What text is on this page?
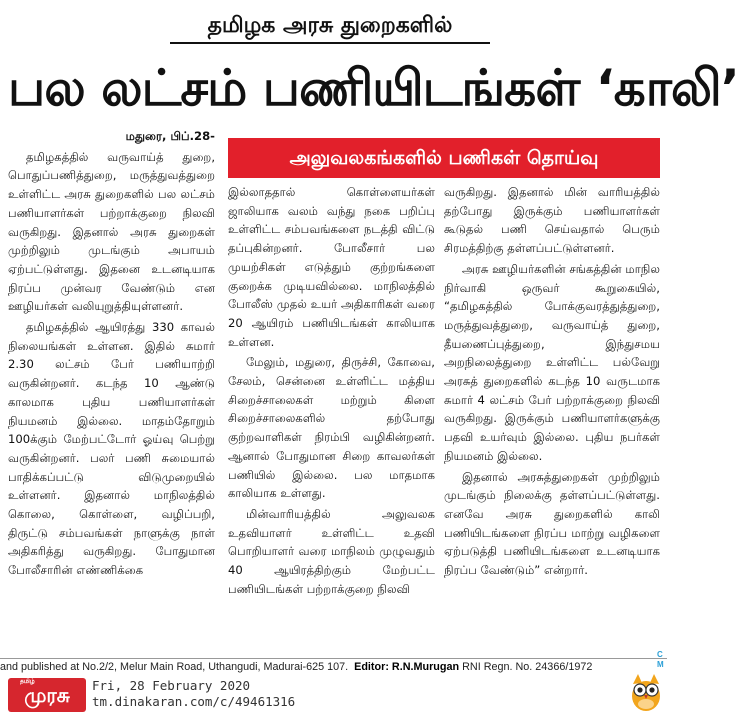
தமிழக அரசு துறைகளில்
பல லட்சம் பணியிடங்கள் ‘காலி’
அலுவலகங்களில் பணிகள் தொய்வு

மதுரை, பிப்.28-

தமிழகத்தில் வருவாய்த் துறை, பொதுப்பணித்துறை, மருத்துவத்துறை உள்ளிட்ட அரசு துறைகளில் பல லட்சம் பணியாளர்கள் பற்றாக்குறை நிலவி வருகிறது. இதனால் அரசு துறைகள் முற்றிலும் முடங்கும் அபாயம் ஏற்பட்டுள்ளது. இதனை உடனடியாக நிரப்ப முன்வர வேண்டும் என ஊழியர்கள் வலியுறுத்தியுள்ளனர்.

தமிழகத்தில் ஆயிரத்து 330 காவல் நிலையங்கள் உள்ளன. இதில் சுமார் 2.30 லட்சம் பேர் பணியாற்றி வருகின்றனர். கடந்த 10 ஆண்டு காலமாக புதிய பணியாளர்கள் நியமனம் இல்லை. மாதம்தோறும் 100க்கும் மேற்பட்டோர் ஓய்வு பெற்று வருகின்றனர். பலர் பணி சுமையால் பாதிக்கப்பட்டு விடுமுறையில் உள்ளனர். இதனால் மாநிலத்தில் கொலை, கொள்ளை, வழிப்பறி, திருட்டு சம்பவங்கள் நாளுக்கு நாள் அதிகரித்து வருகிறது. போதுமான போலீசாரின் எண்ணிக்கை

இல்லாததால் கொள்ளையர்கள் ஜாலியாக வலம் வந்து நகை பறிப்பு உள்ளிட்ட சம்பவங்களை நடத்தி விட்டு தப்புகின்றனர். போலீசார் பல முயற்சிகள் எடுத்தும் குற்றங்களை குறைக்க முடியவில்லை. மாநிலத்தில் போலீஸ் முதல் உயர் அதிகாரிகள் வரை 20 ஆயிரம் பணியிடங்கள் காலியாக உள்ளன.

மேலும், மதுரை, திருச்சி, கோவை, சேலம், சென்னை உள்ளிட்ட மத்திய சிறைச்சாலைகள் மற்றும் கிளை சிறைச்சாலைகளில் தற்போது குற்றவாளிகள் நிரம்பி வழிகின்றனர். ஆனால் போதுமான சிறை காவலர்கள் பணியில் இல்லை. பல மாதமாக காலியாக உள்ளது.

மின்வாரியத்தில் அலுவலக உதவியாளர் உள்ளிட்ட உதவி பொறியாளர் வரை மாநிலம் முழுவதும் 40 ஆயிரத்திற்கும் மேற்பட்ட பணியிடங்கள் பற்றாக்குறை நிலவி

வருகிறது. இதனால் மின் வாரியத்தில் தற்போது இருக்கும் பணியாளர்கள் கூடுதல் பணி செய்வதால் பெரும் சிரமத்திற்கு தள்ளப்பட்டுள்ளனர்.

அரசு ஊழியர்களின் சங்கத்தின் மாநில நிர்வாகி ஒருவர் கூறுகையில், “தமிழகத்தில் போக்குவரத்துத்துறை, மருத்துவத்துறை, வருவாய்த் துறை, தீயணைப்புத்துறை, இந்துசமய அறநிலைத்துறை உள்ளிட்ட பல்வேறு அரசுத் துறைகளில் கடந்த 10 வருடமாக சுமார் 4 லட்சம் பேர் பற்றாக்குறை நிலவி வருகிறது. இருக்கும் பணியாளர்களுக்கு பதவி உயர்வும் இல்லை. புதிய நபர்கள் நியமனம் இல்லை.

இதனால் அரசுத்துறைகள் முற்றிலும் முடங்கும் நிலைக்கு தள்ளப்பட்டுள்ளது. எனவே அரசு துறைகளில் காலி பணியிடங்களை நிரப்ப மாற்று வழிகளை ஏற்படுத்தி பணியிடங்களை உடனடியாக நிரப்ப வேண்டும்” என்றார்.

and published at No.2/2, Melur Main Road, Uthangudi, Madurai-625 107. Editor: R.N.Murugan RNI Regn. No. 24366/1972
C M
தமிழ்
முரசு	Fri, 28 February 2020
tm.dinakaran.com/c/49461316
